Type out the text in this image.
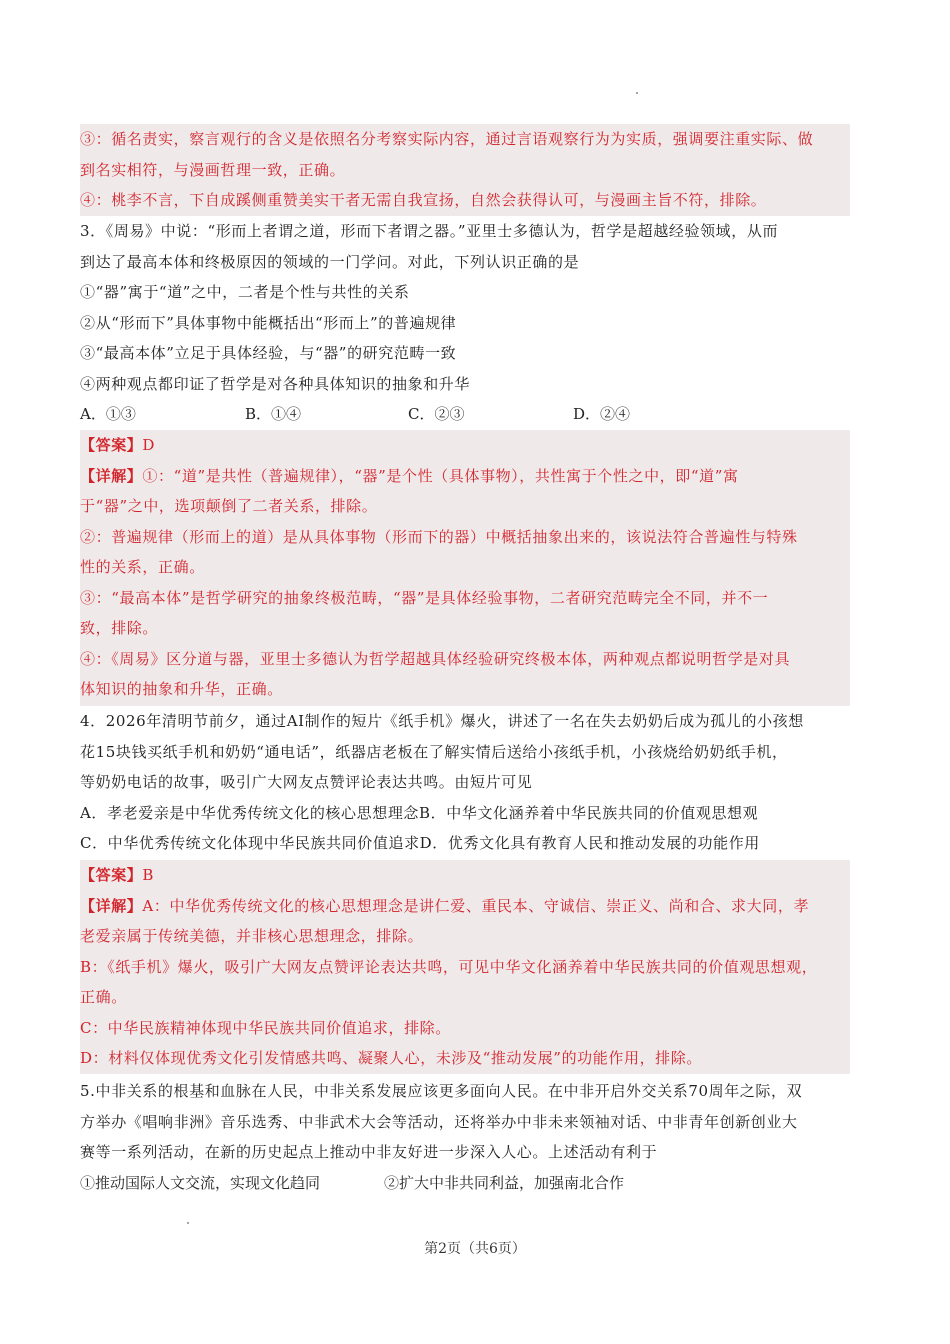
③：循名责实，察言观行的含义是依照名分考察实际内容，通过言语观察行为为实质，强调要注重实际、做
到名实相符，与漫画哲理一致，正确。
④：桃李不言，下自成蹊侧重赞美实干者无需自我宣扬，自然会获得认可，与漫画主旨不符，排除。
3．《周易》中说：“形而上者谓之道，形而下者谓之器。”亚里士多德认为，哲学是超越经验领域，从而
到达了最高本体和终极原因的领域的一门学问。对此，下列认识正确的是
①“器”寓于“道”之中，二者是个性与共性的关系
②从“形而下”具体事物中能概括出“形而上”的普遍规律
③“最高本体”立足于具体经验，与“器”的研究范畴一致
④两种观点都印证了哲学是对各种具体知识的抽象和升华
A．①③	B．①④	C．②③	D．②④
【答案】D
【详解】①：“道”是共性（普遍规律），“器”是个性（具体事物），共性寓于个性之中，即“道”寓
于“器”之中，选项颠倒了二者关系，排除。
②：普遍规律（形而上的道）是从具体事物（形而下的器）中概括抽象出来的，该说法符合普遍性与特殊
性的关系，正确。
③：“最高本体”是哲学研究的抽象终极范畴，“器”是具体经验事物，二者研究范畴完全不同，并不一
致，排除。
④：《周易》区分道与器，亚里士多德认为哲学超越具体经验研究终极本体，两种观点都说明哲学是对具
体知识的抽象和升华，正确。
4．2026年清明节前夕，通过AI制作的短片《纸手机》爆火，讲述了一名在失去奶奶后成为孤儿的小孩想
花15块钱买纸手机和奶奶“通电话”，纸器店老板在了解实情后送给小孩纸手机，小孩烧给奶奶纸手机，
等奶奶电话的故事，吸引广大网友点赞评论表达共鸣。由短片可见
A．孝老爱亲是中华优秀传统文化的核心思想理念B．中华文化涵养着中华民族共同的价值观思想观
C．中华优秀传统文化体现中华民族共同价值追求D．优秀文化具有教育人民和推动发展的功能作用
【答案】B
【详解】A：中华优秀传统文化的核心思想理念是讲仁爱、重民本、守诚信、崇正义、尚和合、求大同，孝
老爱亲属于传统美德，并非核心思想理念，排除。
B：《纸手机》爆火，吸引广大网友点赞评论表达共鸣，可见中华文化涵养着中华民族共同的价值观思想观，
正确。
C：中华民族精神体现中华民族共同价值追求，排除。
D：材料仅体现优秀文化引发情感共鸣、凝聚人心，未涉及“推动发展”的功能作用，排除。
5.中非关系的根基和血脉在人民，中非关系发展应该更多面向人民。在中非开启外交关系70周年之际，双
方举办《唱响非洲》音乐选秀、中非武术大会等活动，还将举办中非未来领袖对话、中非青年创新创业大
赛等一系列活动，在新的历史起点上推动中非友好进一步深入人心。上述活动有利于
①推动国际人文交流，实现文化趋同	②扩大中非共同利益，加强南北合作
第2页（共6页）
